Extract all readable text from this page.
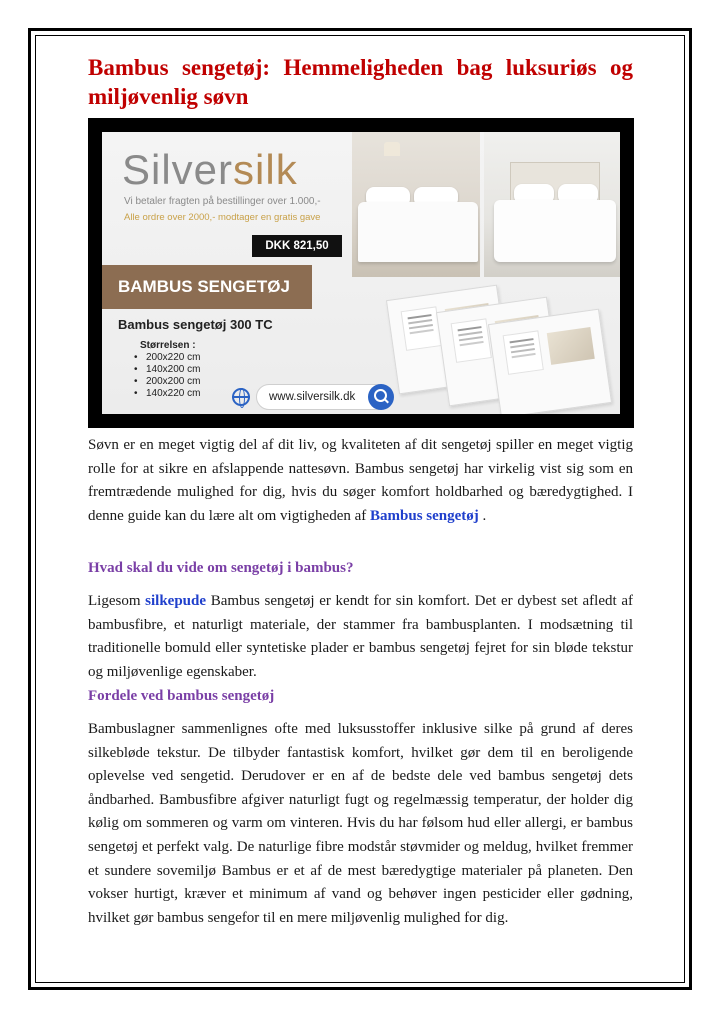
Bambus sengetøj: Hemmeligheden bag luksuriøs og miljøvenlig søvn
Silversilk
Vi betaler fragten på bestillinger over 1.000,-
Alle ordre over 2000,- modtager en gratis gave
DKK 821,50
BAMBUS SENGETØJ
Bambus sengetøj 300 TC
Størrelsen :
• 200x220 cm
• 140x200 cm
• 200x200 cm
• 140x220 cm	www.silversilk.dk

Søvn er en meget vigtig del af dit liv, og kvaliteten af dit sengetøj spiller en meget vigtig rolle for at sikre en afslappende nattesøvn. Bambus sengetøj har virkelig vist sig som en fremtrædende mulighed for dig, hvis du søger komfort holdbarhed og bæredygtighed. I denne guide kan du lære alt om vigtigheden af Bambus sengetøj .

Hvad skal du vide om sengetøj i bambus?

Ligesom silkepude Bambus sengetøj er kendt for sin komfort. Det er dybest set afledt af bambusfibre, et naturligt materiale, der stammer fra bambusplanten. I modsætning til traditionelle bomuld eller syntetiske plader er bambus sengetøj fejret for sin bløde tekstur og miljøvenlige egenskaber.

Fordele ved bambus sengetøj

Bambuslagner sammenlignes ofte med luksusstoffer inklusive silke på grund af deres silkebløde tekstur. De tilbyder fantastisk komfort, hvilket gør dem til en beroligende oplevelse ved sengetid. Derudover er en af de bedste dele ved bambus sengetøj dets åndbarhed. Bambusfibre afgiver naturligt fugt og regelmæssig temperatur, der holder dig kølig om sommeren og varm om vinteren. Hvis du har følsom hud eller allergi, er bambus sengetøj et perfekt valg. De naturlige fibre modstår støvmider og meldug, hvilket fremmer et sundere sovemiljø Bambus er et af de mest bæredygtige materialer på planeten. Den vokser hurtigt, kræver et minimum af vand og behøver ingen pesticider eller gødning, hvilket gør bambus sengefor til en mere miljøvenlig mulighed for dig.
